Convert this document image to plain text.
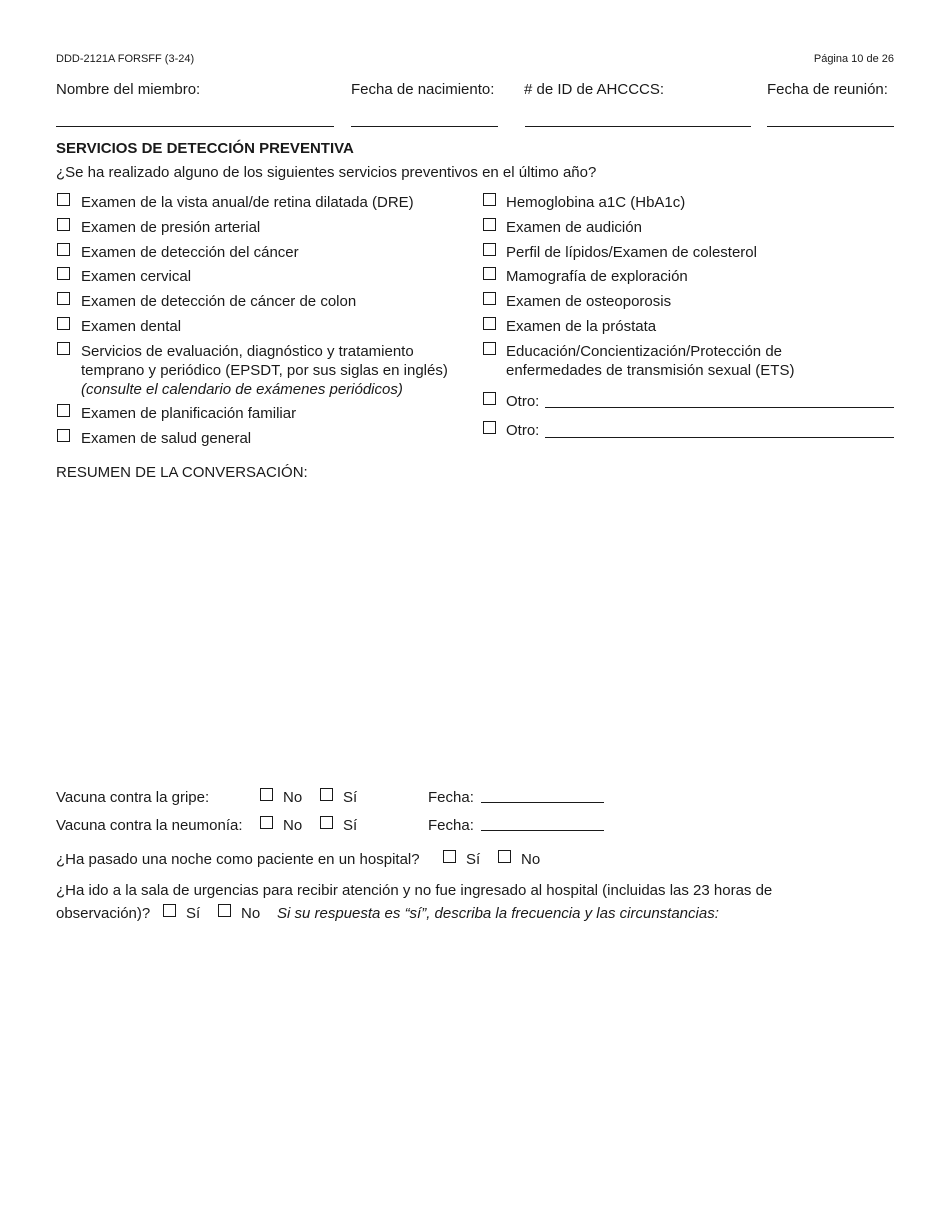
DDD-2121A FORSFF (3-24)	Página 10 de 26
Nombre del miembro:	Fecha de nacimiento: # de ID de AHCCCS:	Fecha de reunión:
SERVICIOS DE DETECCIÓN PREVENTIVA
¿Se ha realizado alguno de los siguientes servicios preventivos en el último año?
Examen de la vista anual/de retina dilatada (DRE)
Examen de presión arterial
Examen de detección del cáncer
Examen cervical
Examen de detección de cáncer de colon
Examen dental
Servicios de evaluación, diagnóstico y tratamiento
temprano y periódico (EPSDT, por sus siglas en inglés)
(consulte el calendario de exámenes periódicos)
Examen de planificación familiar
Examen de salud general
Hemoglobina a1C (HbA1c)
Examen de audición
Perfil de lípidos/Examen de colesterol
Mamografía de exploración
Examen de osteoporosis
Examen de la próstata
Educación/Concientización/Protección de
enfermedades de transmisión sexual (ETS)
Otro:
Otro:
RESUMEN DE LA CONVERSACIÓN:
Vacuna contra la gripe:	No	Sí	Fecha:
Vacuna contra la neumonía:	No	Sí	Fecha:
¿Ha pasado una noche como paciente en un hospital?	Sí	No
¿Ha ido a la sala de urgencias para recibir atención y no fue ingresado al hospital (incluidas las 23 horas de
observación)? Sí	No Si su respuesta es “sí”, describa la frecuencia y las circunstancias:
